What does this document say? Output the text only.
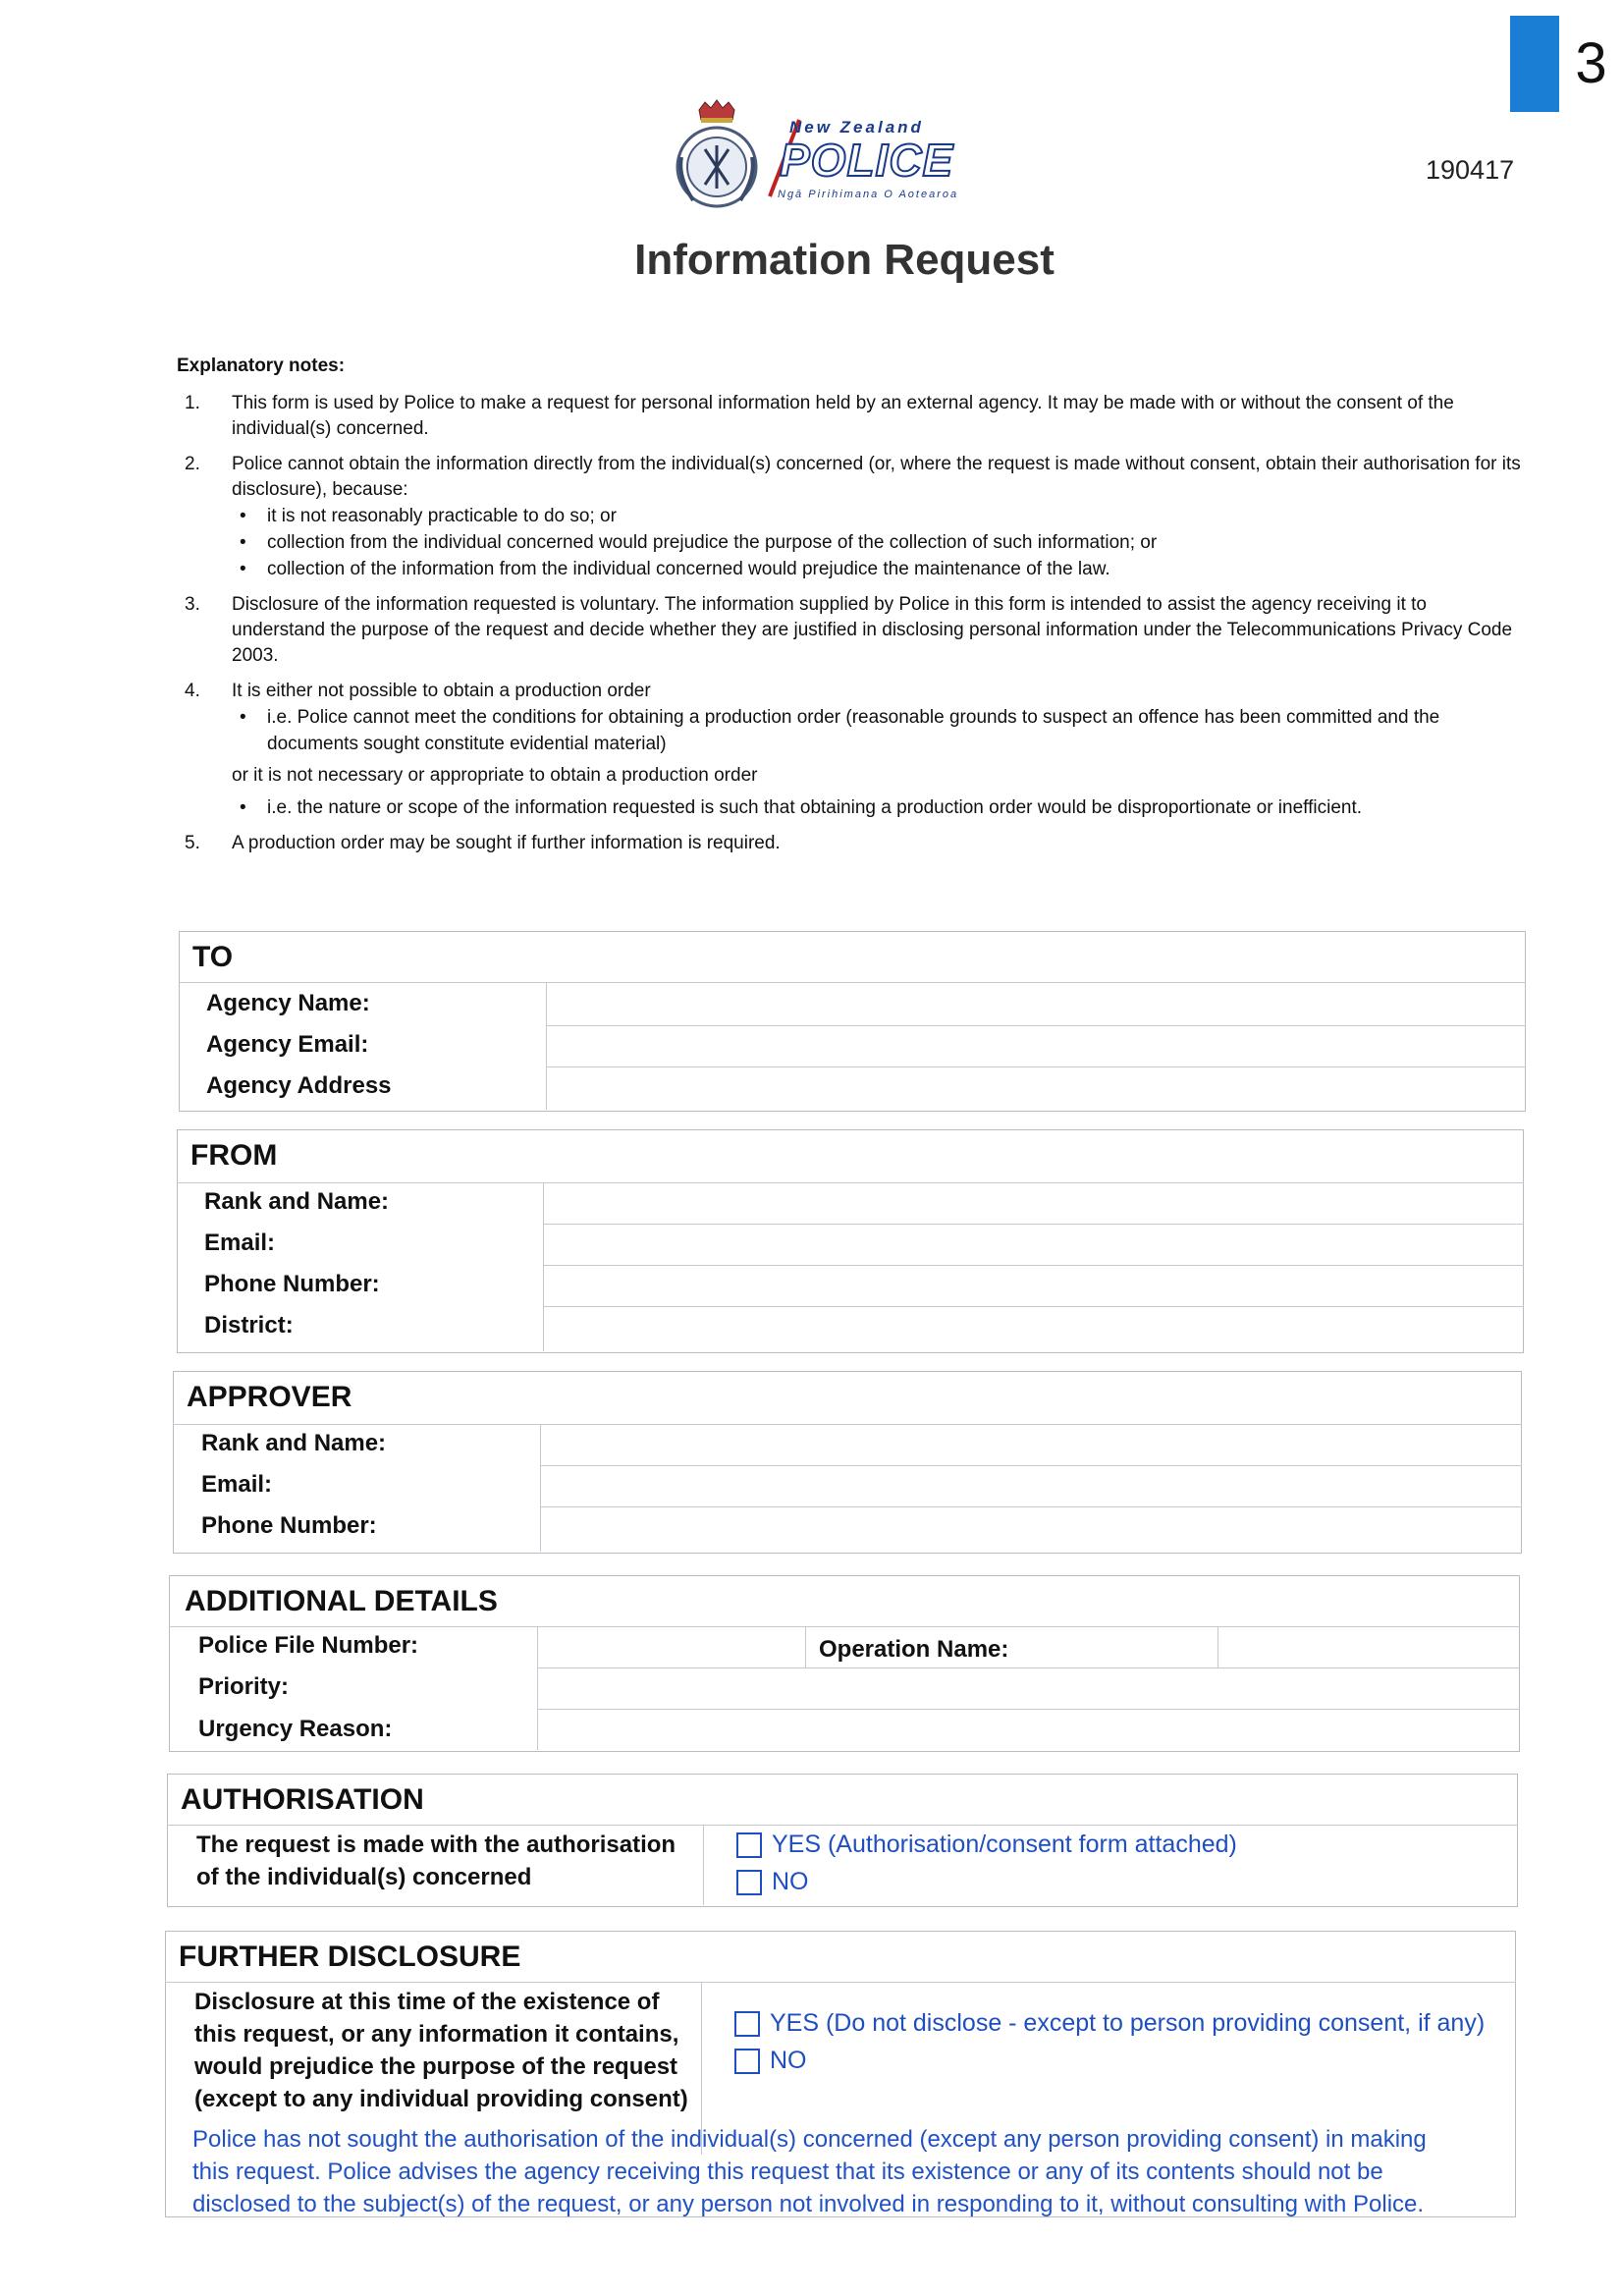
3
New Zealand
POLICE
Ngā Pirihimana O Aotearoa
190417
Information Request
Explanatory notes:
1. This form is used by Police to make a request for personal information held by an external agency. It may be made with or without the consent of the individual(s) concerned.
2. Police cannot obtain the information directly from the individual(s) concerned (or, where the request is made without consent, obtain their authorisation for its disclosure), because:
• it is not reasonably practicable to do so; or
• collection from the individual concerned would prejudice the purpose of the collection of such information; or
• collection of the information from the individual concerned would prejudice the maintenance of the law.
3. Disclosure of the information requested is voluntary. The information supplied by Police in this form is intended to assist the agency receiving it to understand the purpose of the request and decide whether they are justified in disclosing personal information under the Telecommunications Privacy Code 2003.
4. It is either not possible to obtain a production order
• i.e. Police cannot meet the conditions for obtaining a production order (reasonable grounds to suspect an offence has been committed and the documents sought constitute evidential material)
or it is not necessary or appropriate to obtain a production order
• i.e. the nature or scope of the information requested is such that obtaining a production order would be disproportionate or inefficient.
5. A production order may be sought if further information is required.
TO
Agency Name:
Agency Email:
Agency Address
FROM
Rank and Name:
Email:
Phone Number:
District:
APPROVER
Rank and Name:
Email:
Phone Number:
ADDITIONAL DETAILS
Police File Number:	Operation Name:
Priority:
Urgency Reason:
AUTHORISATION
The request is made with the authorisation
of the individual(s) concerned
YES (Authorisation/consent form attached)
NO
FURTHER DISCLOSURE
Disclosure at this time of the existence of
this request, or any information it contains,
would prejudice the purpose of the request
(except to any individual providing consent)
YES (Do not disclose - except to person providing consent, if any)
NO
Police has not sought the authorisation of the individual(s) concerned (except any person providing consent) in making
this request. Police advises the agency receiving this request that its existence or any of its contents should not be
disclosed to the subject(s) of the request, or any person not involved in responding to it, without consulting with Police.
